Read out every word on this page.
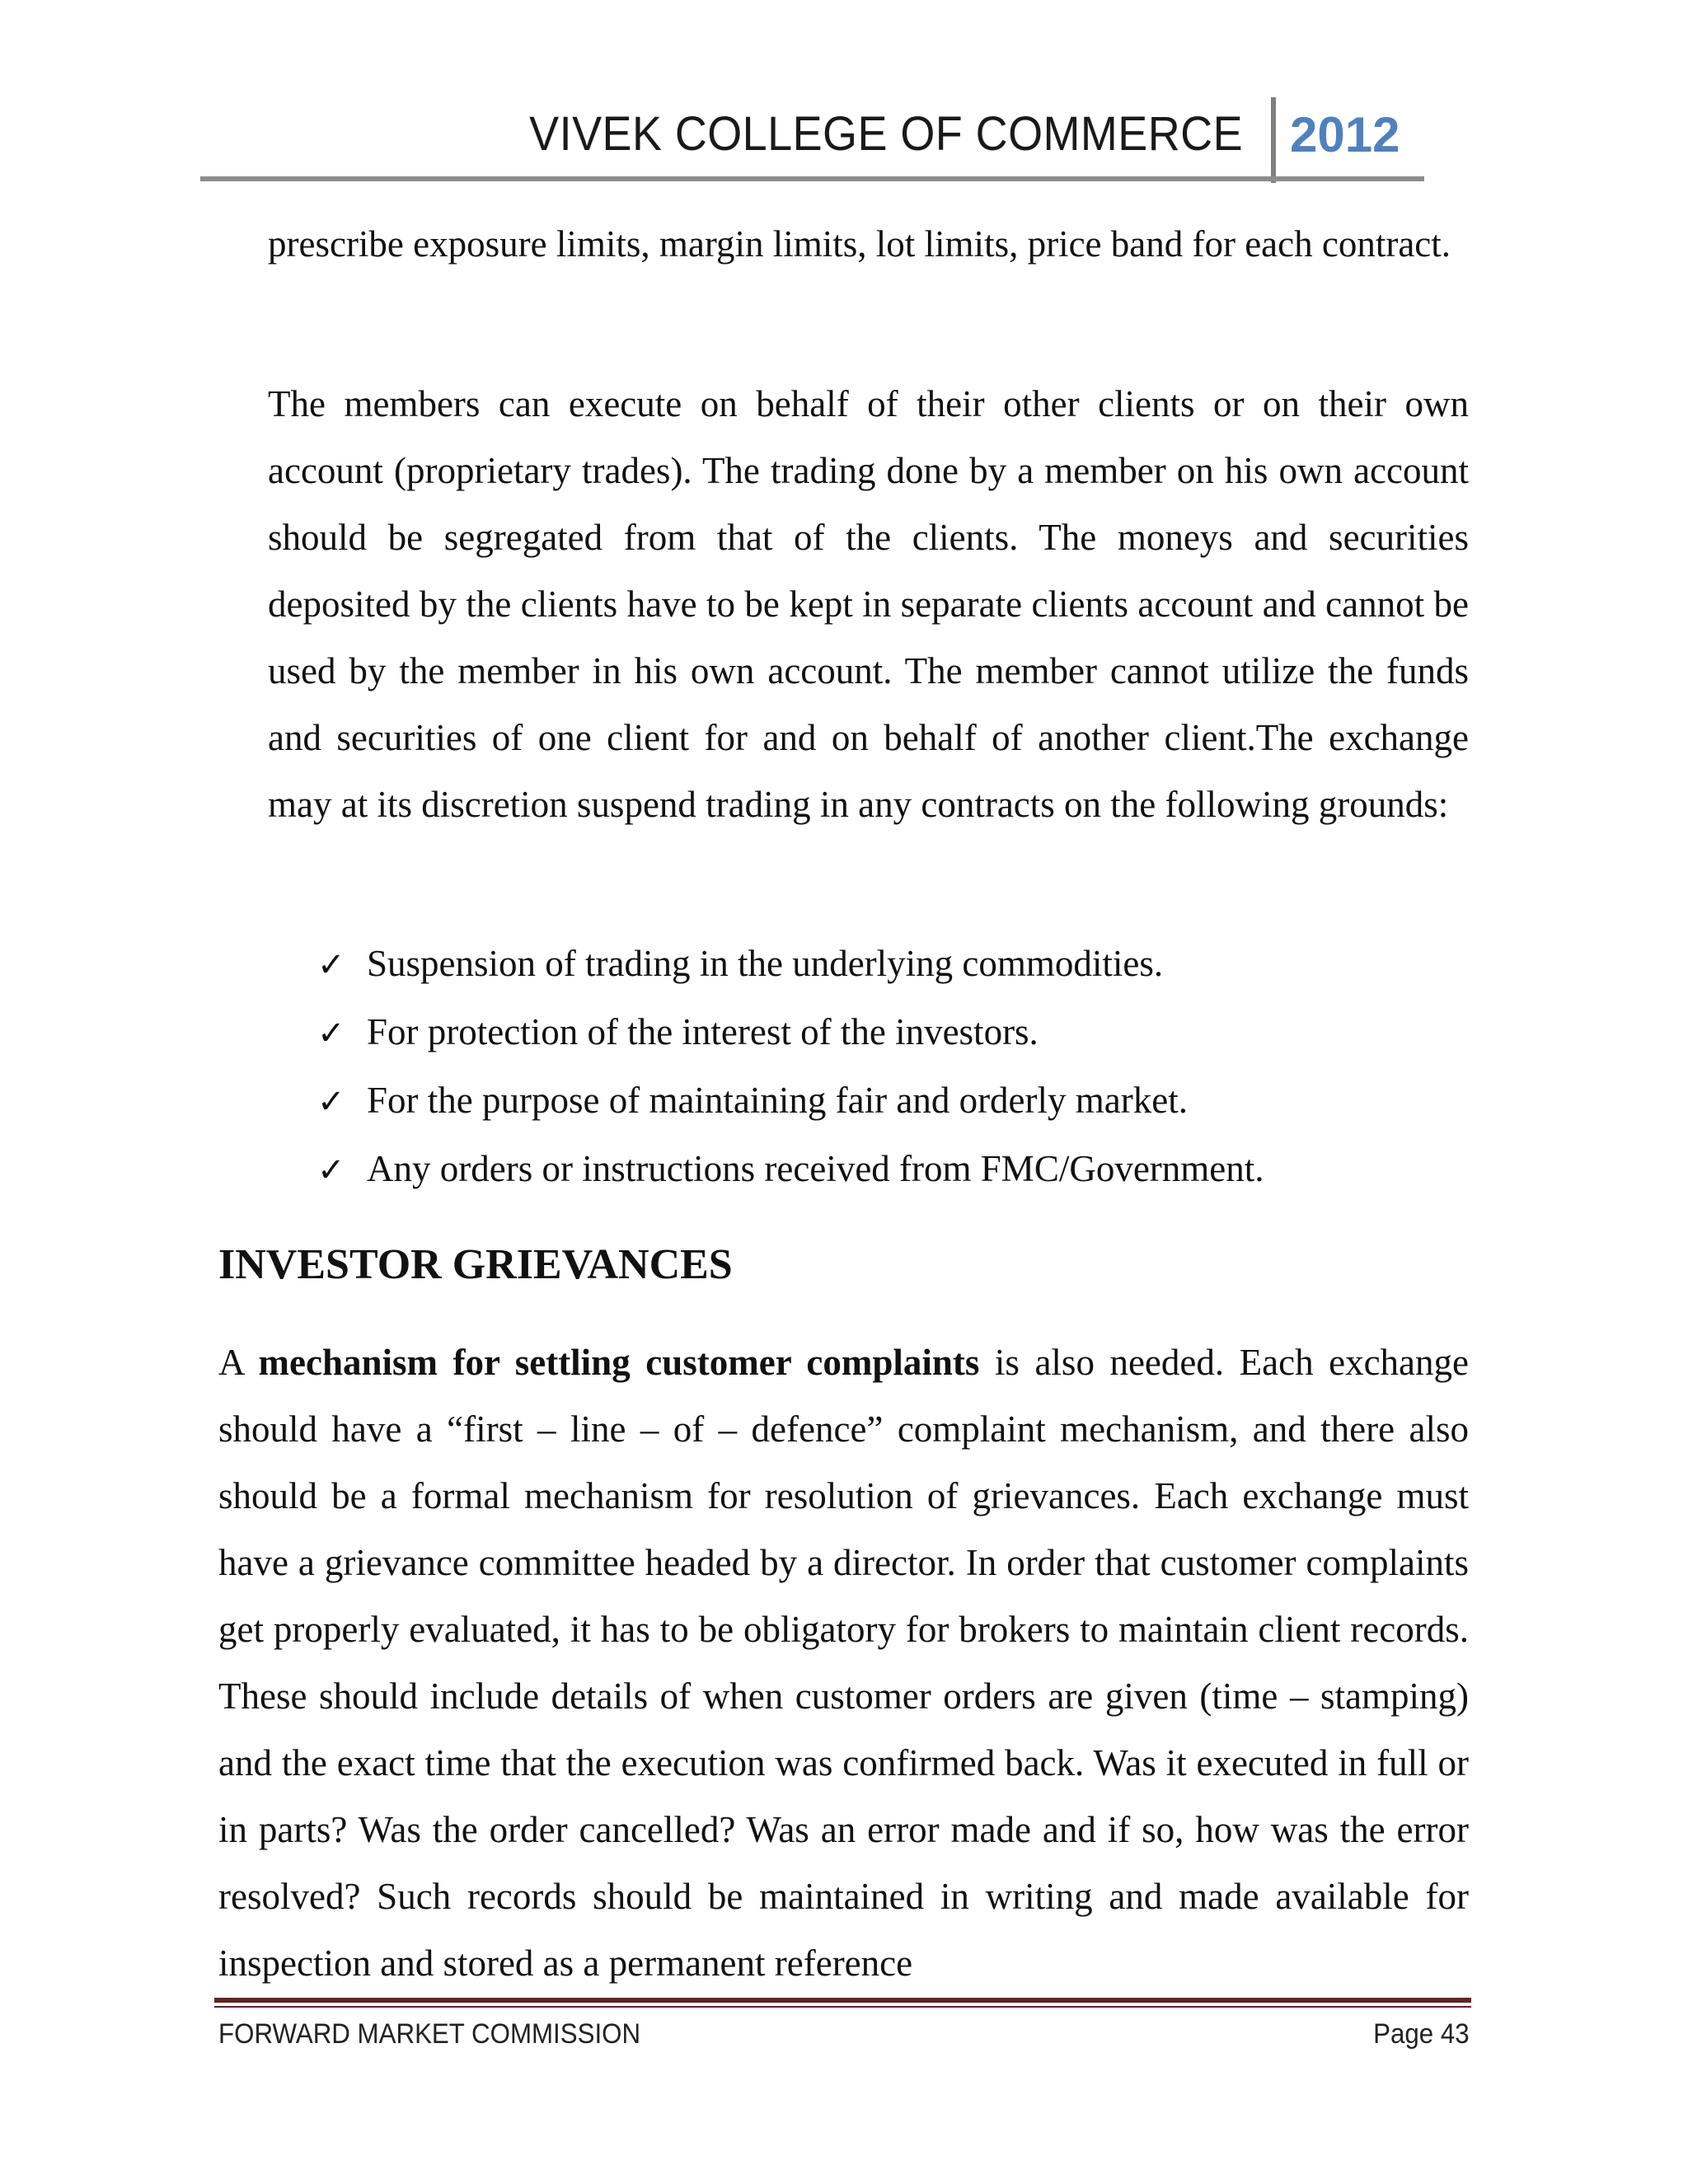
VIVEK COLLEGE OF COMMERCE 2012

prescribe exposure limits, margin limits, lot limits, price band for each contract.

The members can execute on behalf of their other clients or on their own account (proprietary trades). The trading done by a member on his own account should be segregated from that of the clients. The moneys and securities deposited by the clients have to be kept in separate clients account and cannot be used by the member in his own account. The member cannot utilize the funds and securities of one client for and on behalf of another client.The exchange may at its discretion suspend trading in any contracts on the following grounds:

✓ Suspension of trading in the underlying commodities.
✓ For protection of the interest of the investors.
✓ For the purpose of maintaining fair and orderly market.
✓ Any orders or instructions received from FMC/Government.
INVESTOR GRIEVANCES

A mechanism for settling customer complaints is also needed. Each exchange should have a “first – line – of – defence” complaint mechanism, and there also should be a formal mechanism for resolution of grievances. Each exchange must have a grievance committee headed by a director. In order that customer complaints get properly evaluated, it has to be obligatory for brokers to maintain client records. These should include details of when customer orders are given (time – stamping) and the exact time that the execution was confirmed back. Was it executed in full or in parts? Was the order cancelled? Was an error made and if so, how was the error resolved? Such records should be maintained in writing and made available for inspection and stored as a permanent reference

FORWARD MARKET COMMISSION	Page 43
